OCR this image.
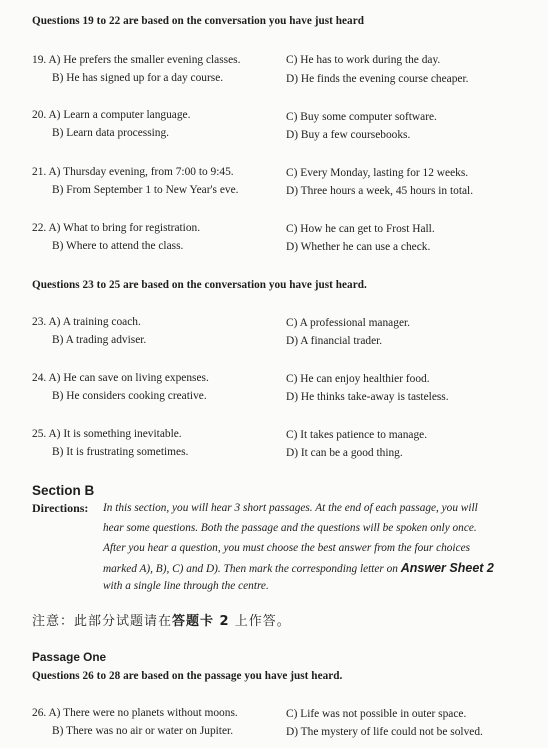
Questions 19 to 22 are based on the conversation you have just heard
19. A) He prefers the smaller evening classes.
B) He has signed up for a day course.
C) He has to work during the day.
D) He finds the evening course cheaper.
20. A) Learn a computer language.
B) Learn data processing.
C) Buy some computer software.
D) Buy a few coursebooks.
21. A) Thursday evening, from 7:00 to 9:45.
B) From September 1 to New Year's eve.
C) Every Monday, lasting for 12 weeks.
D) Three hours a week, 45 hours in total.
22. A) What to bring for registration.
B) Where to attend the class.
C) How he can get to Frost Hall.
D) Whether he can use a check.
Questions 23 to 25 are based on the conversation you have just heard.
23. A) A training coach.
B) A trading adviser.
C) A professional manager.
D) A financial trader.
24. A) He can save on living expenses.
B) He considers cooking creative.
C) He can enjoy healthier food.
D) He thinks take-away is tasteless.
25. A) It is something inevitable.
B) It is frustrating sometimes.
C) It takes patience to manage.
D) It can be a good thing.
Section B
Directions: In this section, you will hear 3 short passages. At the end of each passage, you will
hear some questions. Both the passage and the questions will be spoken only once.
After you hear a question, you must choose the best answer from the four choices
marked A), B), C) and D). Then mark the corresponding letter on Answer Sheet 2
with a single line through the centre.
注意：此部分试题请在答题卡 2 上作答。
Passage One
Questions 26 to 28 are based on the passage you have just heard.
26. A) There were no planets without moons.
B) There was no air or water on Jupiter.
C) Life was not possible in outer space.
D) The mystery of life could not be solved.
